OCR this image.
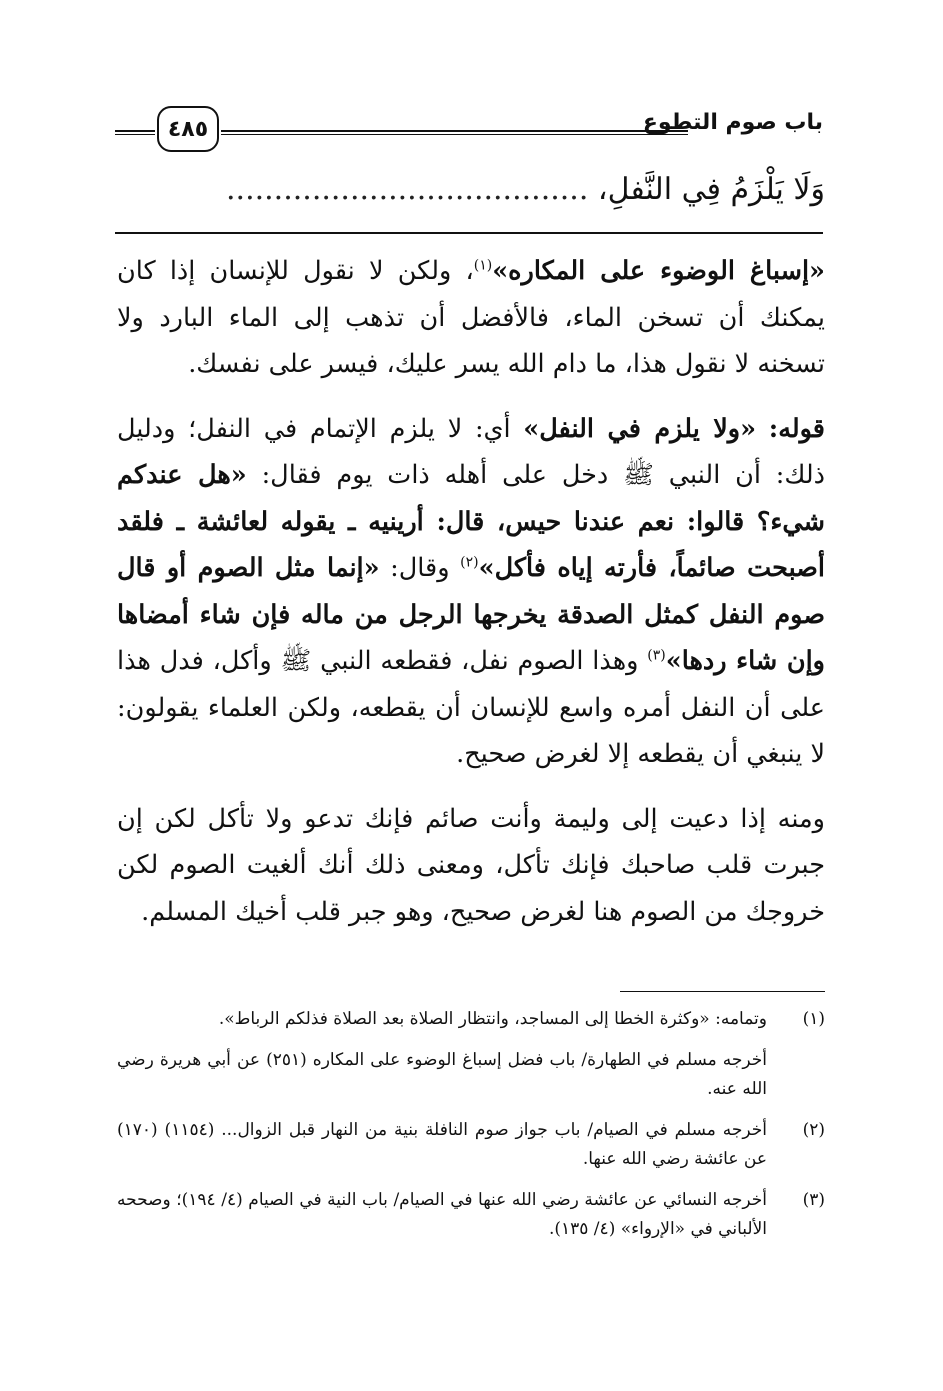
٤٨٥	باب صوم التطوع
وَلَا يَلْزَمُ فِي النَّفلِ، ......................................

«إسباغ الوضوء على المكاره»$^{(١)}$، ولكن لا نقول للإنسان إذا كان يمكنك أن تسخن الماء، فالأفضل أن تذهب إلى الماء البارد ولا تسخنه لا نقول هذا، ما دام الله يسر عليك، فيسر على نفسك.

قوله: «ولا يلزم في النفل» أي: لا يلزم الإتمام في النفل؛ ودليل ذلك: أن النبي ﷺ دخل على أهله ذات يوم فقال: «هل عندكم شيء؟ قالوا: نعم عندنا حيس، قال: أرينيه ـ يقوله لعائشة ـ فلقد أصبحت صائماً، فأرته إياه فأكل»$^{(٢)}$ وقال: «إنما مثل الصوم أو قال صوم النفل كمثل الصدقة يخرجها الرجل من ماله فإن شاء أمضاها وإن شاء ردها»$^{(٣)}$ وهذا الصوم نفل، فقطعه النبي ﷺ وأكل، فدل هذا على أن النفل أمره واسع للإنسان أن يقطعه، ولكن العلماء يقولون: لا ينبغي أن يقطعه إلا لغرض صحيح.

ومنه إذا دعيت إلى وليمة وأنت صائم فإنك تدعو ولا تأكل لكن إن جبرت قلب صاحبك فإنك تأكل، ومعنى ذلك أنك ألغيت الصوم لكن خروجك من الصوم هنا لغرض صحيح، وهو جبر قلب أخيك المسلم.

(١)

وتمامه: «وكثرة الخطا إلى المساجد، وانتظار الصلاة بعد الصلاة فذلكم الرباط».

أخرجه مسلم في الطهارة/ باب فضل إسباغ الوضوء على المكاره (٢٥١) عن أبي هريرة رضي الله عنه.

(٢)

أخرجه مسلم في الصيام/ باب جواز صوم النافلة بنية من النهار قبل الزوال... (١١٥٤) (١٧٠) عن عائشة رضي الله عنها.

(٣)

أخرجه النسائي عن عائشة رضي الله عنها في الصيام/ باب النية في الصيام (٤/ ١٩٤)؛ وصححه الألباني في «الإرواء» (٤/ ١٣٥).
